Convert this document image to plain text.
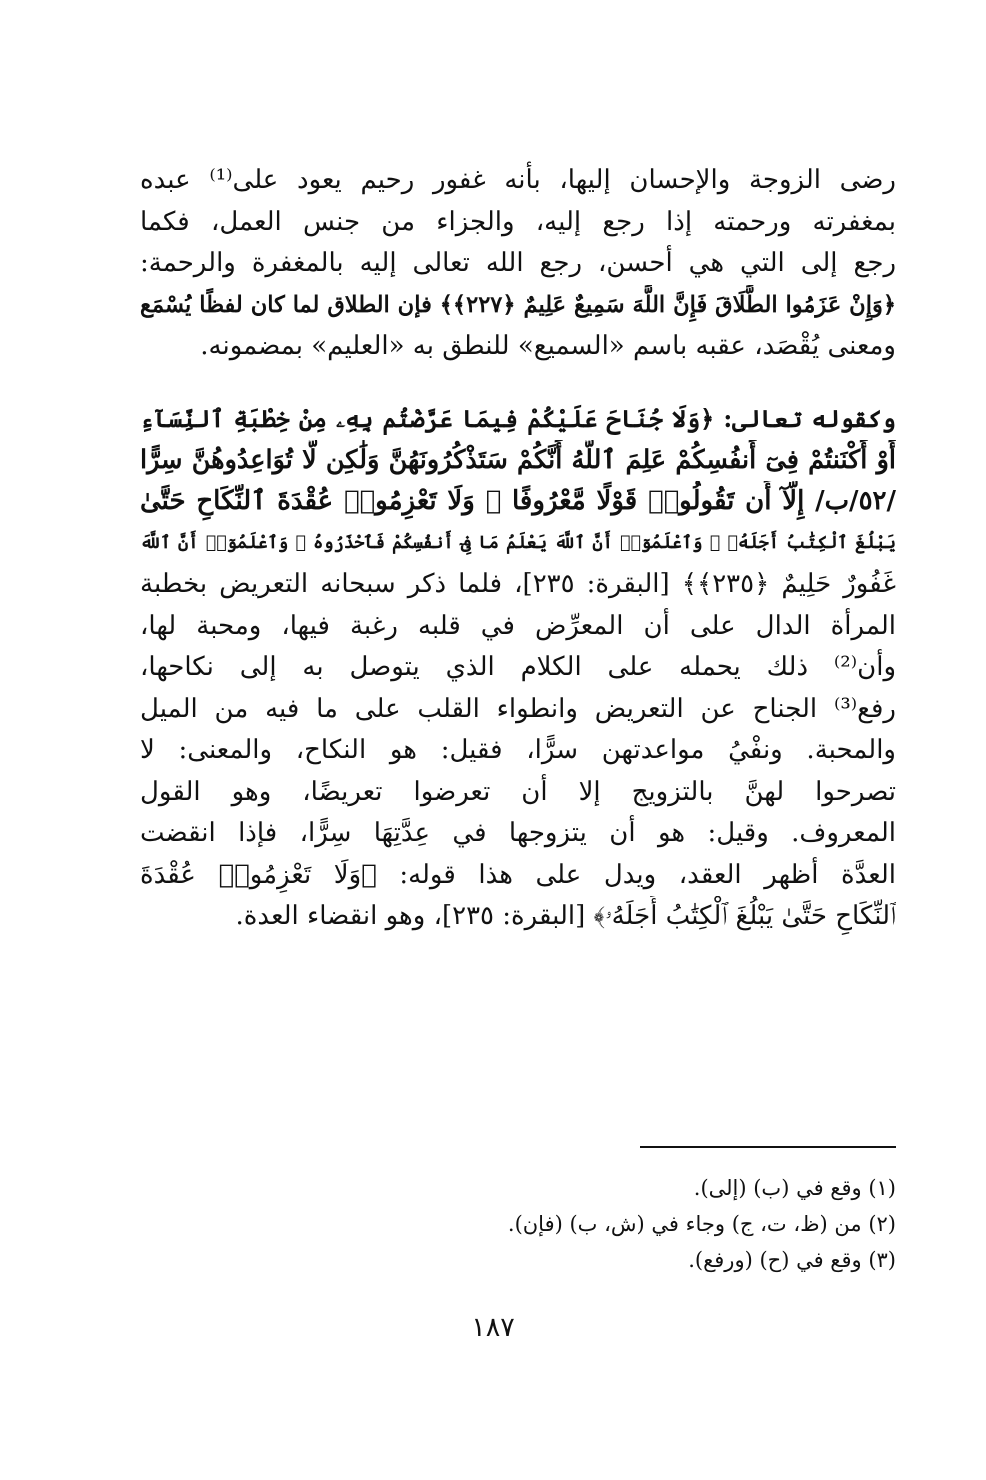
رضى الزوجة والإحسان إليها، بأنه غفور رحيم يعود على⁽¹⁾ عبده
بمغفرته ورحمته إذا رجع إليه، والجزاء من جنس العمل، فكما
رجع إلى التي هي أحسن، رجع الله تعالى إليه بالمغفرة والرحمة:
﴿وَإِنْ عَزَمُوا الطَّلَاقَ فَإِنَّ اللَّهَ سَمِيعٌ عَلِيمٌ ﴿٢٢٧﴾﴾ فإن الطلاق لما كان لفظًا يُسْمَع
ومعنى يُقْصَد، عقبه باسم «السميع» للنطق به «العليم» بمضمونه.
وكقوله تعالى: ﴿وَلَا جُنَاحَ عَلَيْكُمْ فِيمَا عَرَّضْتُم بِهِۦ مِنْ خِطْبَةِ ٱلنِّسَآءِ
أَوْ أَكْنَنتُمْ فِىٓ أَنفُسِكُمْ عَلِمَ ٱللَّهُ أَنَّكُمْ سَتَذْكُرُونَهُنَّ وَلَٰكِن لَّا تُوَاعِدُوهُنَّ سِرًّا
/٥٢/ب/ إِلَّآ أَن تَقُولُوا۟ قَوْلًا مَّعْرُوفًا ۚ وَلَا تَعْزِمُوا۟ عُقْدَةَ ٱلنِّكَاحِ حَتَّىٰ
يَبْلُغَ ٱلْكِتَٰبُ أَجَلَهُۥ ۚ وَٱعْلَمُوٓا۟ أَنَّ ٱللَّهَ يَعْلَمُ مَا فِىٓ أَنفُسِكُمْ فَٱحْذَرُوهُ ۚ وَٱعْلَمُوٓا۟ أَنَّ ٱللَّهَ
غَفُورٌ حَلِيمٌ ﴿٢٣٥﴾﴾ [البقرة: ٢٣٥]، فلما ذكر سبحانه التعريض بخطبة
المرأة الدال على أن المعرِّض في قلبه رغبة فيها، ومحبة لها،
وأن⁽²⁾ ذلك يحمله على الكلام الذي يتوصل به إلى نكاحها،
رفع⁽³⁾ الجناح عن التعريض وانطواء القلب على ما فيه من الميل
والمحبة. ونفْيُ مواعدتهن سرًّا، فقيل: هو النكاح، والمعنى: لا
تصرحوا لهنَّ بالتزويج إلا أن تعرضوا تعريضًا، وهو القول
المعروف. وقيل: هو أن يتزوجها في عِدَّتِهَا سِرًّا، فإذا انقضت
العدَّة أظهر العقد، ويدل على هذا قوله: ﴿وَلَا تَعْزِمُوا۟ عُقْدَةَ
ٱلنِّكَاحِ حَتَّىٰ يَبْلُغَ ٱلْكِتَٰبُ أَجَلَهُۥ﴾ [البقرة: ٢٣٥]، وهو انقضاء العدة.
(١) وقع في (ب) (إلى).
(٢) من (ظ، ت، ج) وجاء في (ش، ب) (فإن).
(٣) وقع في (ح) (ورفع).
١٨٧
